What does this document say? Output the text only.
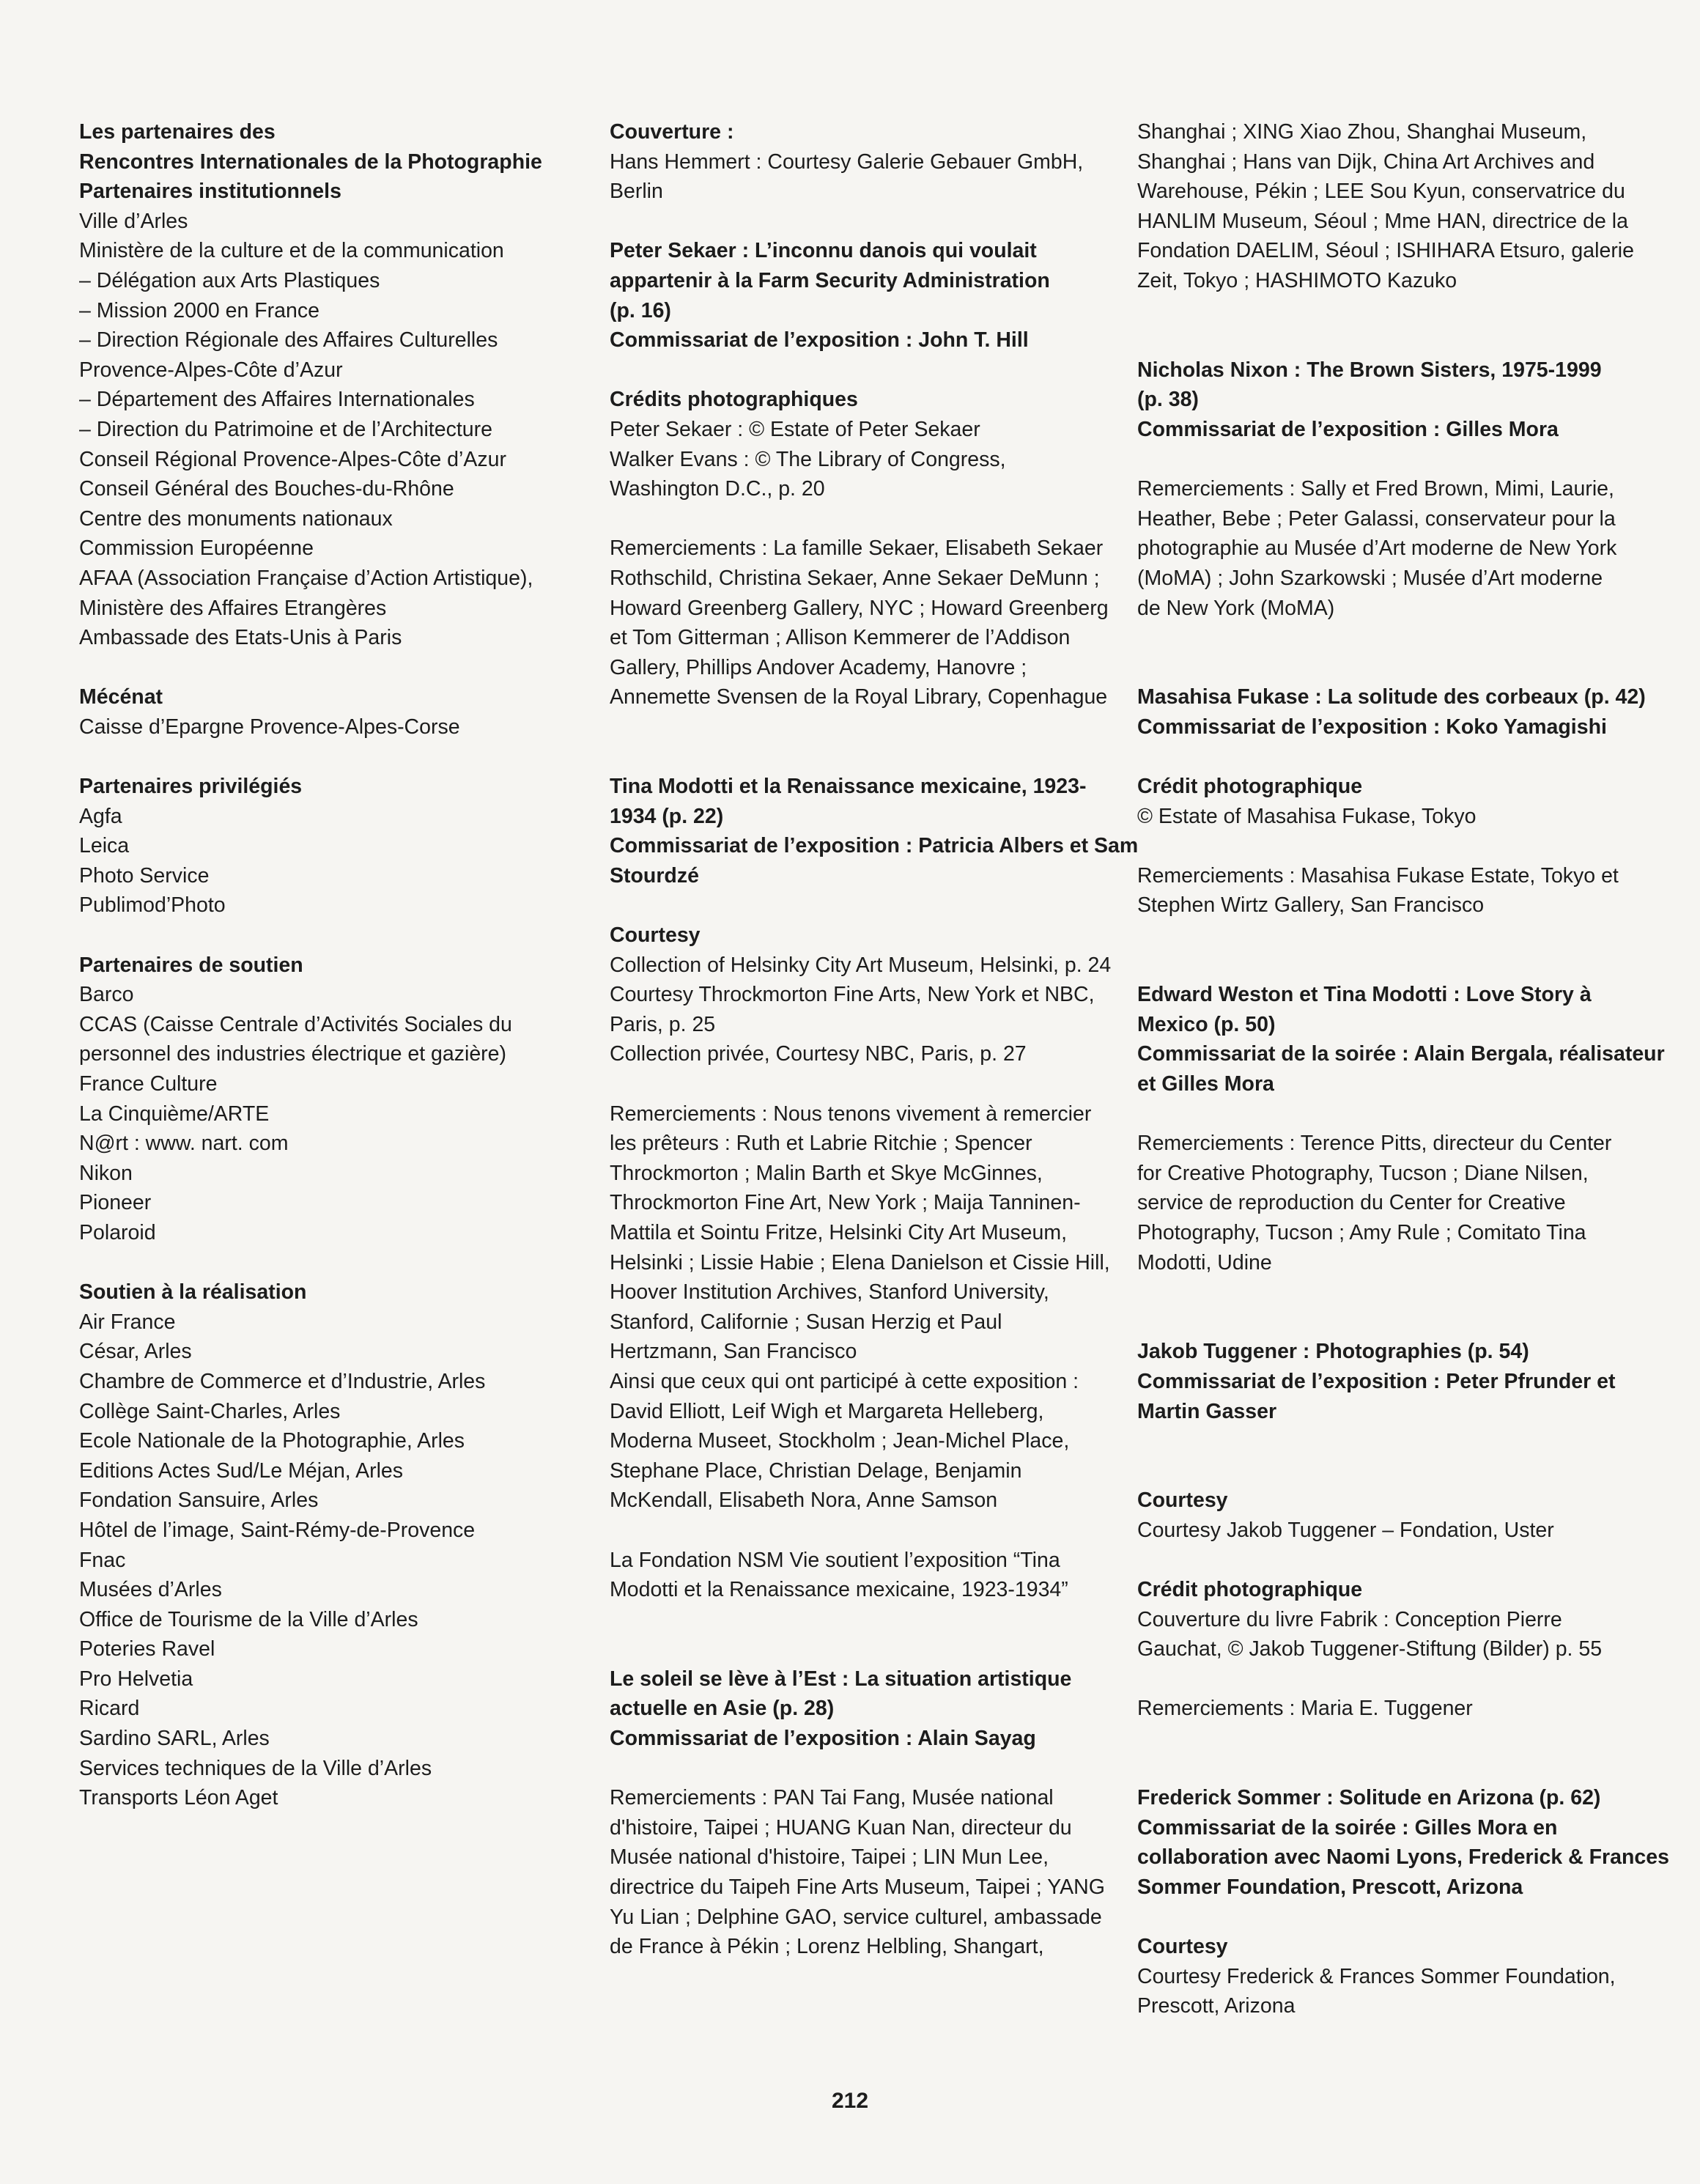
Les partenaires des
Rencontres Internationales de la Photographie
Partenaires institutionnels
Ville d’Arles
Ministère de la culture et de la communication
– Délégation aux Arts Plastiques
– Mission 2000 en France
– Direction Régionale des Affaires Culturelles
Provence-Alpes-Côte d’Azur
– Département des Affaires Internationales
– Direction du Patrimoine et de l’Architecture
Conseil Régional Provence-Alpes-Côte d’Azur
Conseil Général des Bouches-du-Rhône
Centre des monuments nationaux
Commission Européenne
AFAA (Association Française d’Action Artistique),
Ministère des Affaires Etrangères
Ambassade des Etats-Unis à Paris
Mécénat
Caisse d’Epargne Provence-Alpes-Corse
Partenaires privilégiés
Agfa
Leica
Photo Service
Publimod’Photo
Partenaires de soutien
Barco
CCAS (Caisse Centrale d’Activités Sociales du
personnel des industries électrique et gazière)
France Culture
La Cinquième/ARTE
N@rt : www. nart. com
Nikon
Pioneer
Polaroid
Soutien à la réalisation
Air France
César, Arles
Chambre de Commerce et d’Industrie, Arles
Collège Saint-Charles, Arles
Ecole Nationale de la Photographie, Arles
Editions Actes Sud/Le Méjan, Arles
Fondation Sansuire, Arles
Hôtel de l’image, Saint-Rémy-de-Provence
Fnac
Musées d’Arles
Office de Tourisme de la Ville d’Arles
Poteries Ravel
Pro Helvetia
Ricard
Sardino SARL, Arles
Services techniques de la Ville d’Arles
Transports Léon Aget
Couverture :
Hans Hemmert : Courtesy Galerie Gebauer GmbH,
Berlin
Peter Sekaer : L’inconnu danois qui voulait
appartenir à la Farm Security Administration
(p. 16)
Commissariat de l’exposition : John T. Hill
Crédits photographiques
Peter Sekaer : © Estate of Peter Sekaer
Walker Evans : © The Library of Congress,
Washington D.C., p. 20
Remerciements : La famille Sekaer, Elisabeth Sekaer
Rothschild, Christina Sekaer, Anne Sekaer DeMunn ;
Howard Greenberg Gallery, NYC ; Howard Greenberg
et Tom Gitterman ; Allison Kemmerer de l’Addison
Gallery, Phillips Andover Academy, Hanovre ;
Annemette Svensen de la Royal Library, Copenhague
Tina Modotti et la Renaissance mexicaine, 1923-
1934 (p. 22)
Commissariat de l’exposition : Patricia Albers et Sam
Stourdzé
Courtesy
Collection of Helsinky City Art Museum, Helsinki, p. 24
Courtesy Throckmorton Fine Arts, New York et NBC,
Paris, p. 25
Collection privée, Courtesy NBC, Paris, p. 27
Remerciements : Nous tenons vivement à remercier
les prêteurs : Ruth et Labrie Ritchie ; Spencer
Throckmorton ; Malin Barth et Skye McGinnes,
Throckmorton Fine Art, New York ; Maija Tanninen-
Mattila et Sointu Fritze, Helsinki City Art Museum,
Helsinki ; Lissie Habie ; Elena Danielson et Cissie Hill,
Hoover Institution Archives, Stanford University,
Stanford, Californie ; Susan Herzig et Paul
Hertzmann, San Francisco
Ainsi que ceux qui ont participé à cette exposition :
David Elliott, Leif Wigh et Margareta Helleberg,
Moderna Museet, Stockholm ; Jean-Michel Place,
Stephane Place, Christian Delage, Benjamin
McKendall, Elisabeth Nora, Anne Samson
La Fondation NSM Vie soutient l’exposition “Tina
Modotti et la Renaissance mexicaine, 1923-1934”
Le soleil se lève à l’Est : La situation artistique
actuelle en Asie (p. 28)
Commissariat de l’exposition : Alain Sayag
Remerciements : PAN Tai Fang, Musée national
d'histoire, Taipei ; HUANG Kuan Nan, directeur du
Musée national d'histoire, Taipei ; LIN Mun Lee,
directrice du Taipeh Fine Arts Museum, Taipei ; YANG
Yu Lian ; Delphine GAO, service culturel, ambassade
de France à Pékin ; Lorenz Helbling, Shangart,
Shanghai ; XING Xiao Zhou, Shanghai Museum,
Shanghai ; Hans van Dijk, China Art Archives and
Warehouse, Pékin ; LEE Sou Kyun, conservatrice du
HANLIM Museum, Séoul ; Mme HAN, directrice de la
Fondation DAELIM, Séoul ; ISHIHARA Etsuro, galerie
Zeit, Tokyo ; HASHIMOTO Kazuko
Nicholas Nixon : The Brown Sisters, 1975-1999
(p. 38)
Commissariat de l’exposition : Gilles Mora
Remerciements : Sally et Fred Brown, Mimi, Laurie,
Heather, Bebe ; Peter Galassi, conservateur pour la
photographie au Musée d’Art moderne de New York
(MoMA) ; John Szarkowski ; Musée d’Art moderne
de New York (MoMA)
Masahisa Fukase : La solitude des corbeaux (p. 42)
Commissariat de l’exposition : Koko Yamagishi
Crédit photographique
© Estate of Masahisa Fukase, Tokyo
Remerciements : Masahisa Fukase Estate, Tokyo et
Stephen Wirtz Gallery, San Francisco
Edward Weston et Tina Modotti : Love Story à
Mexico (p. 50)
Commissariat de la soirée : Alain Bergala, réalisateur
et Gilles Mora
Remerciements : Terence Pitts, directeur du Center
for Creative Photography, Tucson ; Diane Nilsen,
service de reproduction du Center for Creative
Photography, Tucson ; Amy Rule ; Comitato Tina
Modotti, Udine
Jakob Tuggener : Photographies (p. 54)
Commissariat de l’exposition : Peter Pfrunder et
Martin Gasser
Courtesy
Courtesy Jakob Tuggener – Fondation, Uster
Crédit photographique
Couverture du livre Fabrik : Conception Pierre
Gauchat, © Jakob Tuggener-Stiftung (Bilder) p. 55
Remerciements : Maria E. Tuggener
Frederick Sommer : Solitude en Arizona (p. 62)
Commissariat de la soirée : Gilles Mora en
collaboration avec Naomi Lyons, Frederick & Frances
Sommer Foundation, Prescott, Arizona
Courtesy
Courtesy Frederick & Frances Sommer Foundation,
Prescott, Arizona
212
